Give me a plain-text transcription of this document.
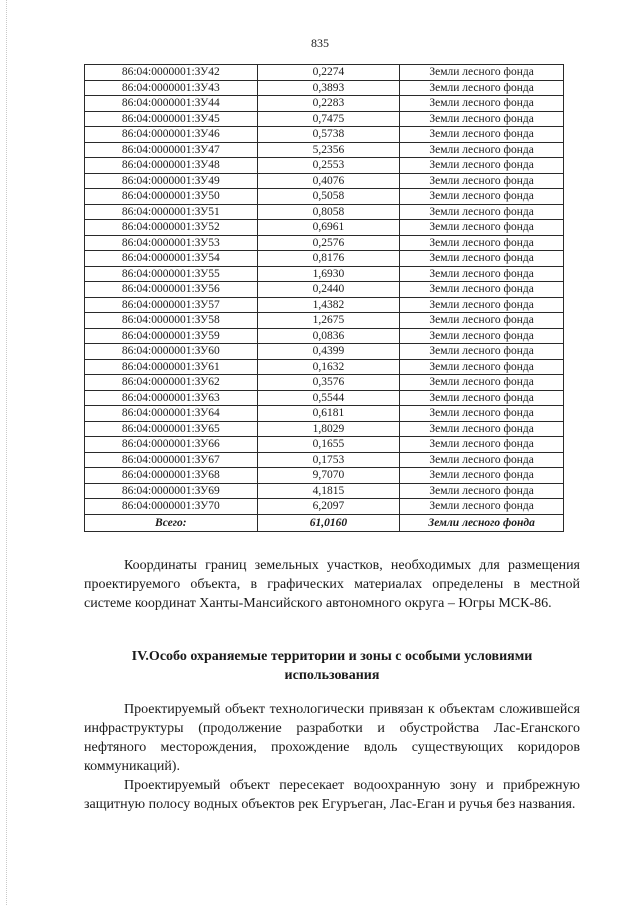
835
86:04:0000001:ЗУ42	0,2274	Земли лесного фонда
86:04:0000001:ЗУ43	0,3893	Земли лесного фонда
86:04:0000001:ЗУ44	0,2283	Земли лесного фонда
86:04:0000001:ЗУ45	0,7475	Земли лесного фонда
86:04:0000001:ЗУ46	0,5738	Земли лесного фонда
86:04:0000001:ЗУ47	5,2356	Земли лесного фонда
86:04:0000001:ЗУ48	0,2553	Земли лесного фонда
86:04:0000001:ЗУ49	0,4076	Земли лесного фонда
86:04:0000001:ЗУ50	0,5058	Земли лесного фонда
86:04:0000001:ЗУ51	0,8058	Земли лесного фонда
86:04:0000001:ЗУ52	0,6961	Земли лесного фонда
86:04:0000001:ЗУ53	0,2576	Земли лесного фонда
86:04:0000001:ЗУ54	0,8176	Земли лесного фонда
86:04:0000001:ЗУ55	1,6930	Земли лесного фонда
86:04:0000001:ЗУ56	0,2440	Земли лесного фонда
86:04:0000001:ЗУ57	1,4382	Земли лесного фонда
86:04:0000001:ЗУ58	1,2675	Земли лесного фонда
86:04:0000001:ЗУ59	0,0836	Земли лесного фонда
86:04:0000001:ЗУ60	0,4399	Земли лесного фонда
86:04:0000001:ЗУ61	0,1632	Земли лесного фонда
86:04:0000001:ЗУ62	0,3576	Земли лесного фонда
86:04:0000001:ЗУ63	0,5544	Земли лесного фонда
86:04:0000001:ЗУ64	0,6181	Земли лесного фонда
86:04:0000001:ЗУ65	1,8029	Земли лесного фонда
86:04:0000001:ЗУ66	0,1655	Земли лесного фонда
86:04:0000001:ЗУ67	0,1753	Земли лесного фонда
86:04:0000001:ЗУ68	9,7070	Земли лесного фонда
86:04:0000001:ЗУ69	4,1815	Земли лесного фонда
86:04:0000001:ЗУ70	6,2097	Земли лесного фонда
Всего:	61,0160	Земли лесного фонда

Координаты границ земельных участков, необходимых для размещения проектируемого объекта, в графических материалах определены в местной системе координат Ханты-Мансийского автономного округа – Югры МСК-86.

IV.Особо охраняемые территории и зоны с особыми условиями использования

Проектируемый объект технологически привязан к объектам сложившейся инфраструктуры (продолжение разработки и обустройства Лас-Еганского нефтяного месторождения, прохождение вдоль существующих коридоров коммуникаций).

Проектируемый объект пересекает водоохранную зону и прибрежную защитную полосу водных объектов рек Егуръеган, Лас-Еган и ручья без названия.
